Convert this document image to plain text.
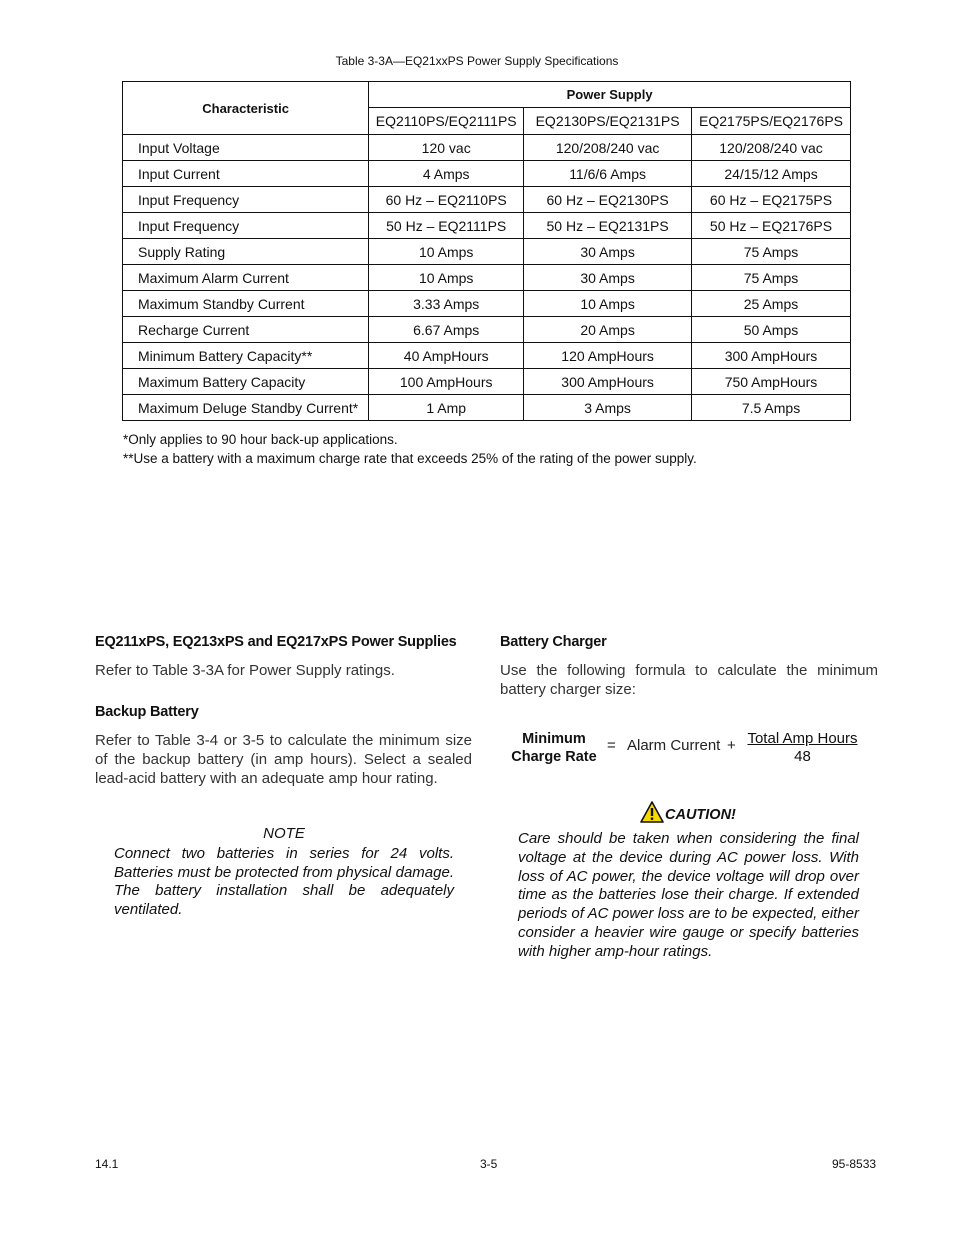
Table 3-3A—EQ21xxPS Power Supply Specifications
Characteristic	Power Supply		
	EQ2110PS/EQ2111PS	EQ2130PS/EQ2131PS	EQ2175PS/EQ2176PS
Input Voltage	120 vac	120/208/240 vac	120/208/240 vac
Input Current	4 Amps	11/6/6 Amps	24/15/12 Amps
Input Frequency	60 Hz – EQ2110PS	60 Hz – EQ2130PS	60 Hz – EQ2175PS
Input Frequency	50 Hz – EQ2111PS	50 Hz – EQ2131PS	50 Hz – EQ2176PS
Supply Rating	10 Amps	30 Amps	75 Amps
Maximum Alarm Current	10 Amps	30 Amps	75 Amps
Maximum Standby Current	3.33 Amps	10 Amps	25 Amps
Recharge Current	6.67 Amps	20 Amps	50 Amps
Minimum Battery Capacity**	40 AmpHours	120 AmpHours	300 AmpHours
Maximum Battery Capacity	100 AmpHours	300 AmpHours	750 AmpHours
Maximum Deluge Standby Current*	1 Amp	3 Amps	7.5 Amps
*Only applies to 90 hour back-up applications.
**Use a battery with a maximum charge rate that exceeds 25% of the rating of the power supply.
EQ211xPS, EQ213xPS and EQ217xPS Power Supplies
Refer to Table 3-3A for Power Supply ratings.
Backup Battery
Refer to Table 3-4 or 3-5 to calculate the minimum size of the backup battery (in amp hours). Select a sealed lead-acid battery with an adequate amp hour rating.
NOTE
Connect two batteries in series for 24 volts. Batteries must be protected from physical damage. The battery installation shall be adequately ventilated.
Battery Charger
Use the following formula to calculate the minimum battery charger size:
Minimum
Charge Rate
= Alarm Current + Total Amp Hours
48
CAUTION!
Care should be taken when considering the final voltage at the device during AC power loss. With loss of AC power, the device voltage will drop over time as the batteries lose their charge. If extended periods of AC power loss are to be expected, either consider a heavier wire gauge or specify batteries with higher amp-hour ratings.
14.1	3-5	95-8533
